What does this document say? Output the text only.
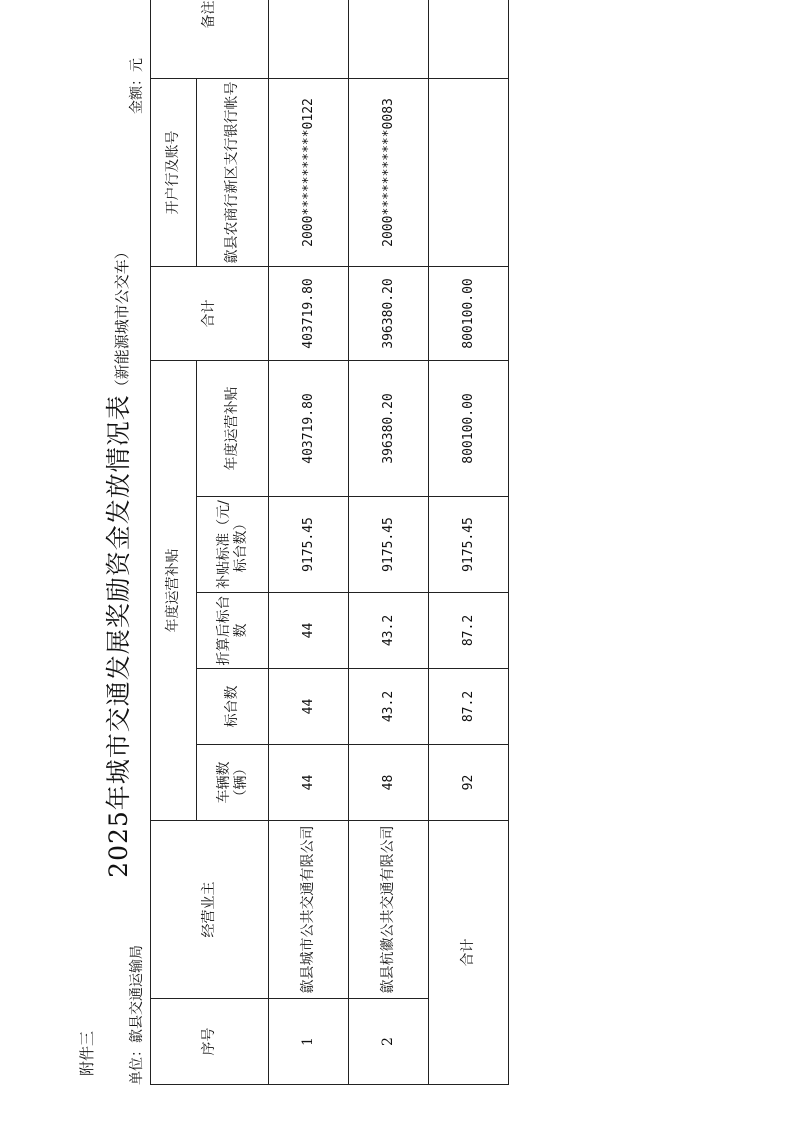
附件三
2025年城市交通发展奖励资金发放情况表（新能源城市公交车）
单位：歙县交通运输局
金额：元
序号	经营业主	年度运营补贴					合计	开户行及账号	备注
		车辆数（辆）	标台数	折算后标台数	补贴标准（元/标台数）	年度运营补贴		歙县农商行新区支行银行帐号	
1	歙县城市公共交通有限公司	44	44	44	9175.45	403719.80	403719.80	2000***********0122	
2	歙县杭徽公共交通有限公司	48	43.2	43.2	9175.45	396380.20	396380.20	2000***********0083	
合计		92	87.2	87.2	9175.45	800100.00	800100.00		
